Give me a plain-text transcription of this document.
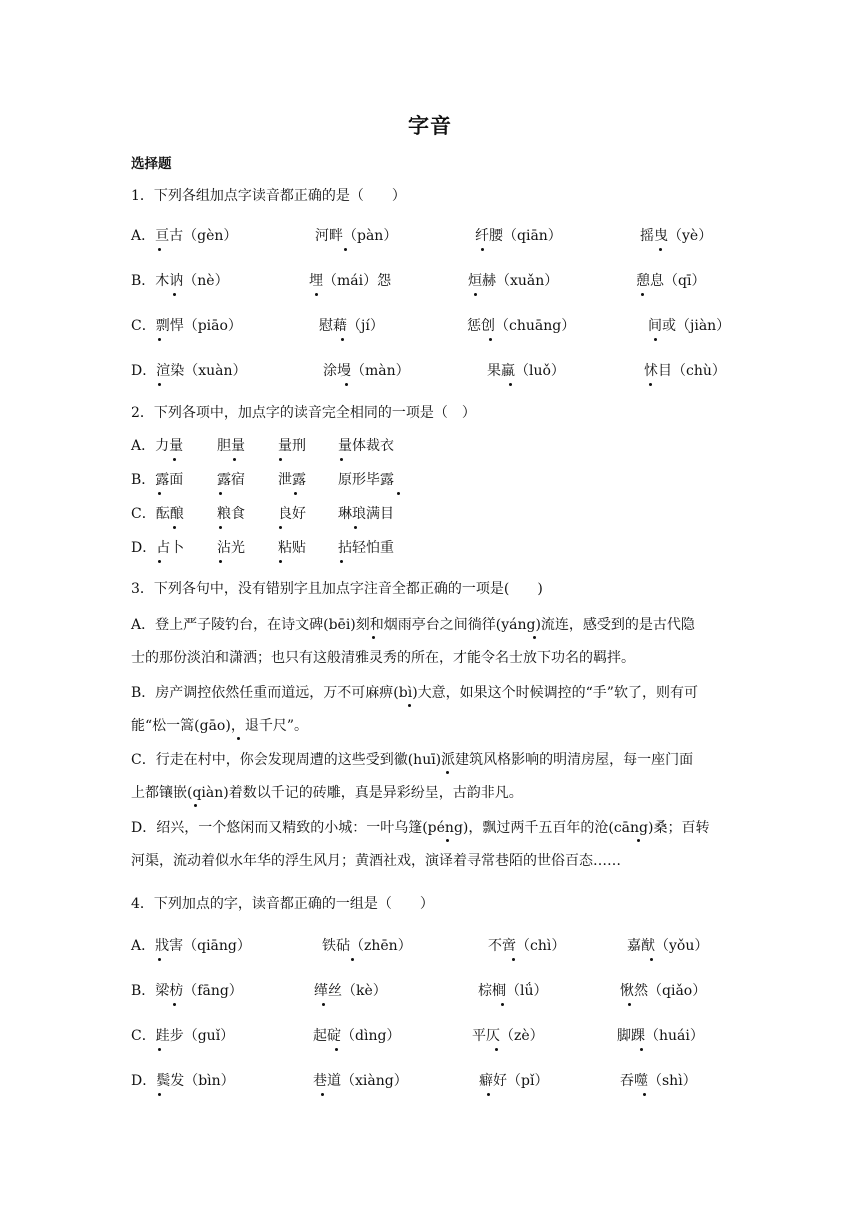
字音
选择题
1．下列各组加点字读音都正确的是（　　）
A．亘古（gèn）	河畔（pàn）	纤腰（qiān）	摇曳（yè）
B．木讷（nè）	埋（mái）怨	烜赫（xuǎn）	憩息（qī）
C．剽悍（piāo）	慰藉（jí）	惩创（chuāng）	间或（jiàn）
D．渲染（xuàn）	涂墁（màn）	果蠃（luǒ）	怵目（chù）
2．下列各项中，加点字的读音完全相同的一项是（　）
A．力量 胆量 量刑 量体裁衣
B．露面 露宿 泄露 原形毕露
C．酝酿 粮食 良好 琳琅满目
D．占卜 沾光 粘贴 拈轻怕重
3．下列各句中，没有错别字且加点字注音全都正确的一项是(　　)
A．登上严子陵钓台，在诗文碑(bēi)刻和烟雨亭台之间徜徉(yáng)流连，感受到的是古代隐
士的那份淡泊和潇洒；也只有这般清雅灵秀的所在，才能令名士放下功名的羁拌。
B．房产调控依然任重而道远，万不可麻痹(bì)大意，如果这个时候调控的“手”软了，则有可
能“松一篙(gāo)，退千尺”。
C．行走在村中，你会发现周遭的这些受到徽(huī)派建筑风格影响的明清房屋，每一座门面
上都镶嵌(qiàn)着数以千记的砖雕，真是异彩纷呈，古韵非凡。
D．绍兴，一个悠闲而又精致的小城：一叶乌篷(péng)，飘过两千五百年的沧(cāng)桑；百转
河渠，流动着似水年华的浮生风月；黄酒社戏，演译着寻常巷陌的世俗百态……
4．下列加点的字，读音都正确的一组是（　　）
A．戕害（qiāng）	铁砧（zhēn）	不啻（chì）	嘉猷（yǒu）
B．梁枋（fāng）	缂丝（kè）	棕榈（lǘ）	愀然（qiǎo）
C．跬步（guǐ）	起碇（dìng）	平仄（zè）	脚踝（huái）
D．鬓发（bìn）	巷道（xiàng）	癖好（pǐ）	吞噬（shì）
